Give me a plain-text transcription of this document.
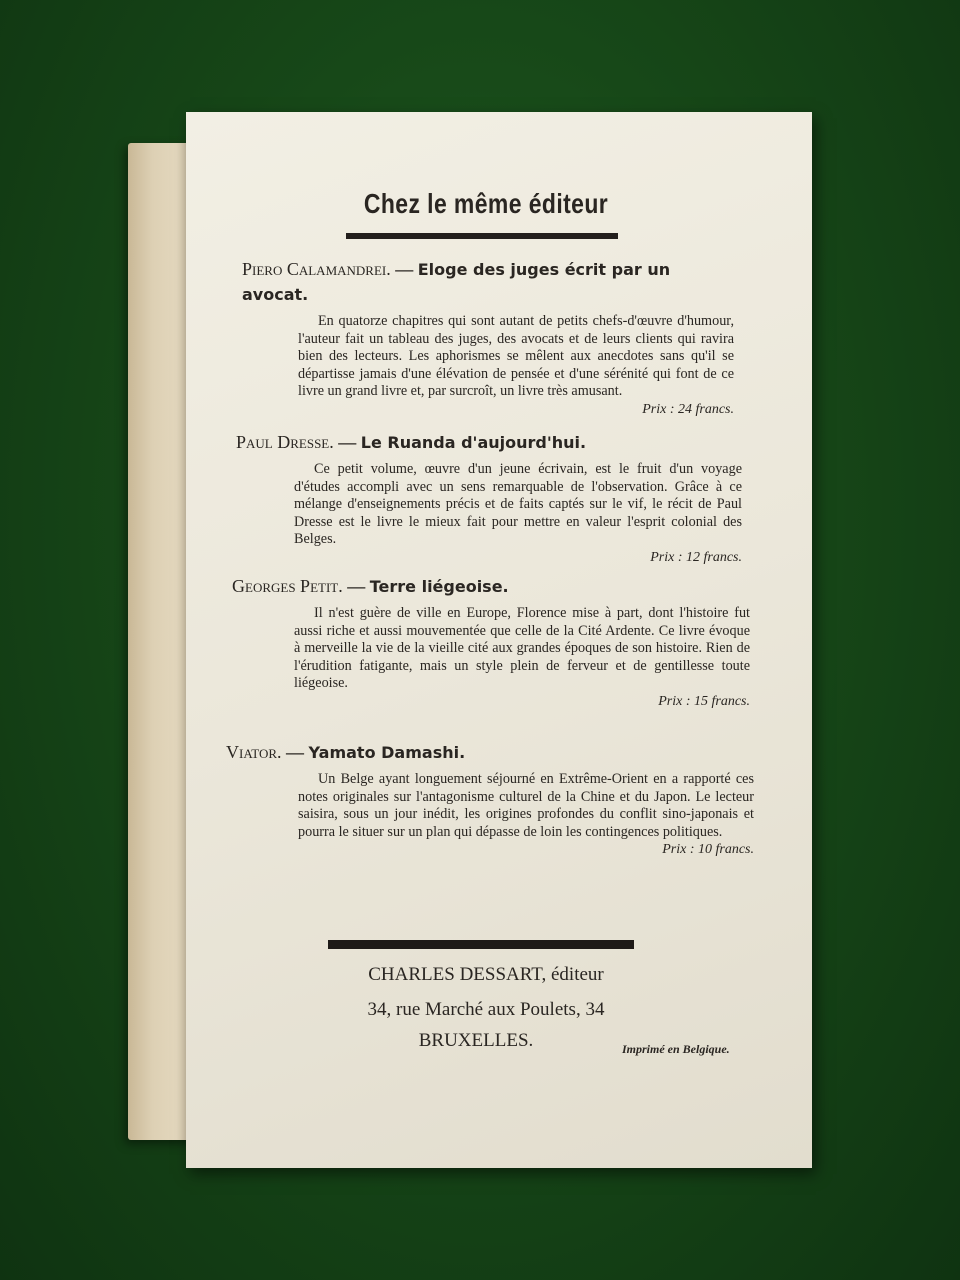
Chez le même éditeur
Piero Calamandrei. — Eloge des juges écrit par un avocat.
En quatorze chapitres qui sont autant de petits chefs-d'œuvre d'humour, l'auteur fait un tableau des juges, des avocats et de leurs clients qui ravira bien des lecteurs. Les aphorismes se mêlent aux anecdotes sans qu'il se départisse jamais d'une élévation de pensée et d'une sérénité qui font de ce livre un grand livre et, par surcroît, un livre très amusant.
Prix : 24 francs.
Paul Dresse. — Le Ruanda d'aujourd'hui.
Ce petit volume, œuvre d'un jeune écrivain, est le fruit d'un voyage d'études accompli avec un sens remarquable de l'observation. Grâce à ce mélange d'enseignements précis et de faits captés sur le vif, le récit de Paul Dresse est le livre le mieux fait pour mettre en valeur l'esprit colonial des Belges.
Prix : 12 francs.
Georges Petit. — Terre liégeoise.
Il n'est guère de ville en Europe, Florence mise à part, dont l'histoire fut aussi riche et aussi mouvementée que celle de la Cité Ardente. Ce livre évoque à merveille la vie de la vieille cité aux grandes époques de son histoire. Rien de l'érudition fatigante, mais un style plein de ferveur et de gentillesse toute liégeoise.
Prix : 15 francs.
Viator. — Yamato Damashi.
Un Belge ayant longuement séjourné en Extrême-Orient en a rapporté ces notes originales sur l'antagonisme culturel de la Chine et du Japon. Le lecteur saisira, sous un jour inédit, les origines profondes du conflit sino-japonais et pourra le situer sur un plan qui dépasse de loin les contingences politiques.
Prix : 10 francs.
CHARLES DESSART, éditeur
34, rue Marché aux Poulets, 34
BRUXELLES.	Imprimé en Belgique.
